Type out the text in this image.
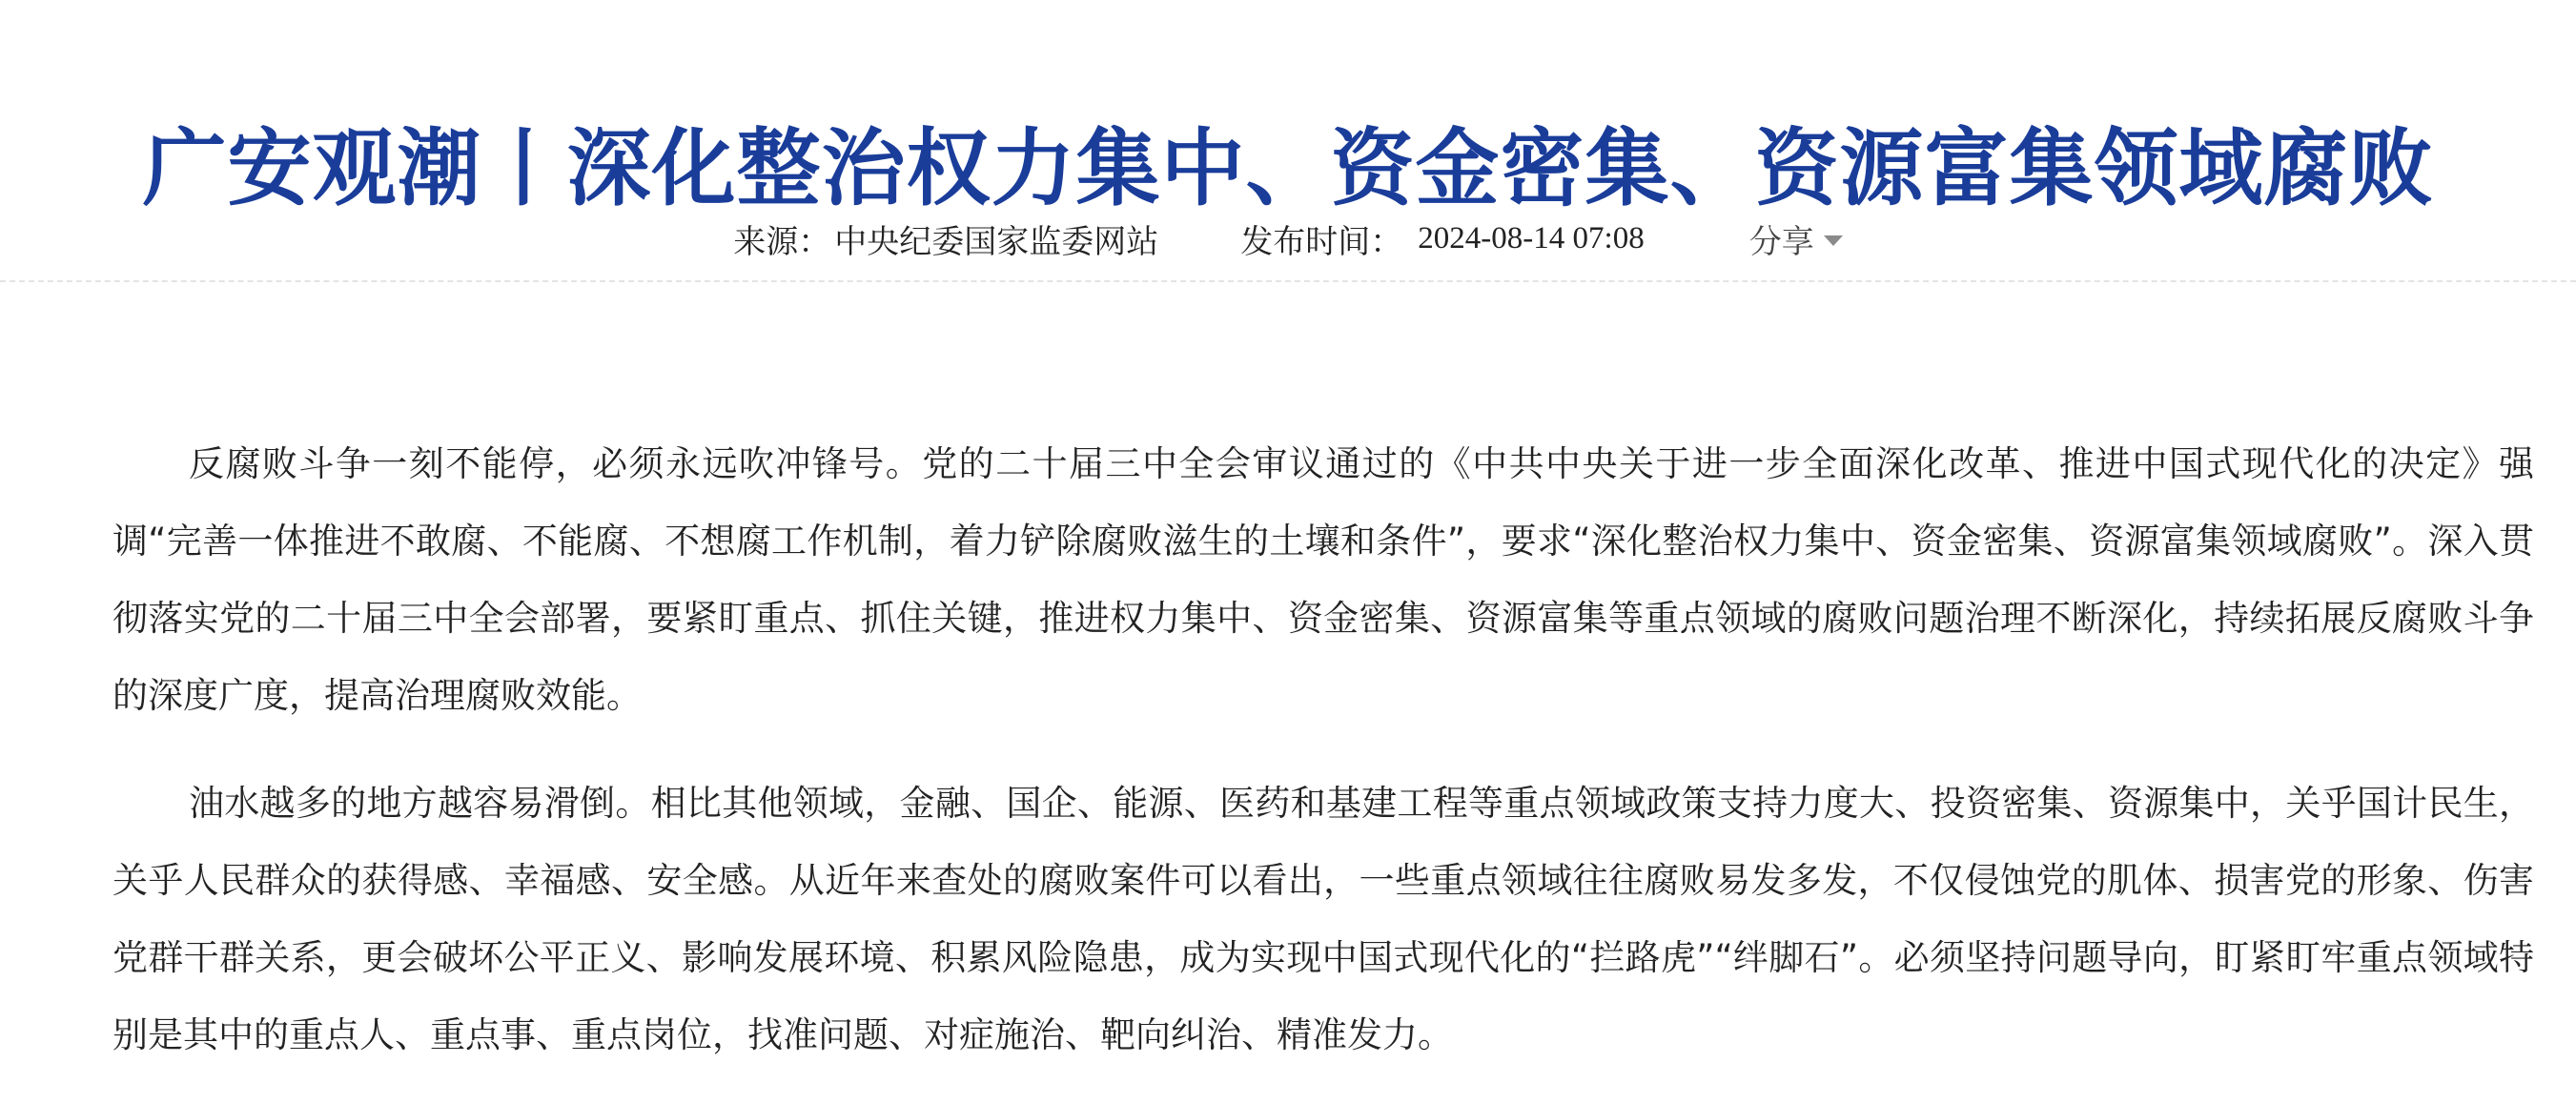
广安观潮丨深化整治权力集中、资金密集、资源富集领域腐败
来源： 中央纪委国家监委网站	发布时间： 2024-08-14 07:08	分享

反腐败斗争一刻不能停，必须永远吹冲锋号。党的二十届三中全会审议通过的《中共中央关于进一步全面深化改革、推进中国式现代化的决定》强调“完善一体推进不敢腐、不能腐、不想腐工作机制，着力铲除腐败滋生的土壤和条件”，要求“深化整治权力集中、资金密集、资源富集领域腐败”。深入贯彻落实党的二十届三中全会部署，要紧盯重点、抓住关键，推进权力集中、资金密集、资源富集等重点领域的腐败问题治理不断深化，持续拓展反腐败斗争的深度广度，提高治理腐败效能。

油水越多的地方越容易滑倒。相比其他领域，金融、国企、能源、医药和基建工程等重点领域政策支持力度大、投资密集、资源集中，关乎国计民生，关乎人民群众的获得感、幸福感、安全感。从近年来查处的腐败案件可以看出，一些重点领域往往腐败易发多发，不仅侵蚀党的肌体、损害党的形象、伤害党群干群关系，更会破坏公平正义、影响发展环境、积累风险隐患，成为实现中国式现代化的“拦路虎”“绊脚石”。必须坚持问题导向，盯紧盯牢重点领域特别是其中的重点人、重点事、重点岗位，找准问题、对症施治、靶向纠治、精准发力。
